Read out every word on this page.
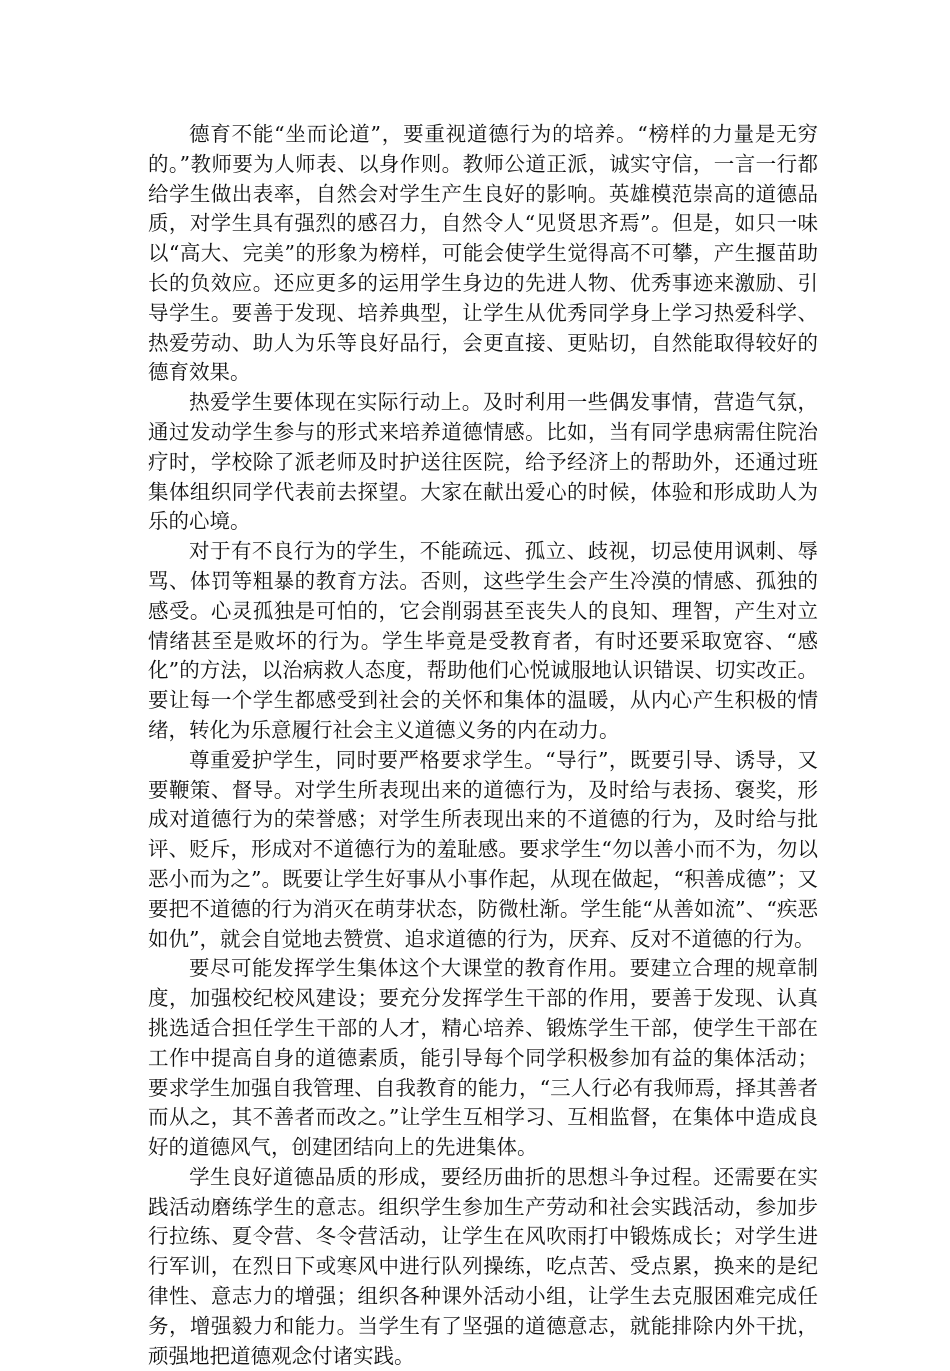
德育不能“坐而论道”，要重视道德行为的培养。“榜样的力量是无穷的。”教师要为人师表、以身作则。教师公道正派，诚实守信，一言一行都给学生做出表率，自然会对学生产生良好的影响。英雄模范崇高的道德品质，对学生具有强烈的感召力，自然令人“见贤思齐焉”。但是，如只一味以“高大、完美”的形象为榜样，可能会使学生觉得高不可攀，产生揠苗助长的负效应。还应更多的运用学生身边的先进人物、优秀事迹来激励、引导学生。要善于发现、培养典型，让学生从优秀同学身上学习热爱科学、热爱劳动、助人为乐等良好品行，会更直接、更贴切，自然能取得较好的德育效果。

热爱学生要体现在实际行动上。及时利用一些偶发事情，营造气氛，通过发动学生参与的形式来培养道德情感。比如，当有同学患病需住院治疗时，学校除了派老师及时护送往医院，给予经济上的帮助外，还通过班集体组织同学代表前去探望。大家在献出爱心的时候，体验和形成助人为乐的心境。

对于有不良行为的学生，不能疏远、孤立、歧视，切忌使用讽刺、辱骂、体罚等粗暴的教育方法。否则，这些学生会产生冷漠的情感、孤独的感受。心灵孤独是可怕的，它会削弱甚至丧失人的良知、理智，产生对立情绪甚至是败坏的行为。学生毕竟是受教育者，有时还要采取宽容、“感化”的方法，以治病救人态度，帮助他们心悦诚服地认识错误、切实改正。要让每一个学生都感受到社会的关怀和集体的温暖，从内心产生积极的情绪，转化为乐意履行社会主义道德义务的内在动力。

尊重爱护学生，同时要严格要求学生。“导行”，既要引导、诱导，又要鞭策、督导。对学生所表现出来的道德行为，及时给与表扬、褒奖，形成对道德行为的荣誉感；对学生所表现出来的不道德的行为，及时给与批评、贬斥，形成对不道德行为的羞耻感。要求学生“勿以善小而不为，勿以恶小而为之”。既要让学生好事从小事作起，从现在做起，“积善成德”；又要把不道德的行为消灭在萌芽状态，防微杜渐。学生能“从善如流”、“疾恶如仇”，就会自觉地去赞赏、追求道德的行为，厌弃、反对不道德的行为。

要尽可能发挥学生集体这个大课堂的教育作用。要建立合理的规章制度，加强校纪校风建设；要充分发挥学生干部的作用，要善于发现、认真挑选适合担任学生干部的人才，精心培养、锻炼学生干部，使学生干部在工作中提高自身的道德素质，能引导每个同学积极参加有益的集体活动；要求学生加强自我管理、自我教育的能力，“三人行必有我师焉，择其善者而从之，其不善者而改之。”让学生互相学习、互相监督，在集体中造成良好的道德风气，创建团结向上的先进集体。

学生良好道德品质的形成，要经历曲折的思想斗争过程。还需要在实践活动磨练学生的意志。组织学生参加生产劳动和社会实践活动，参加步行拉练、夏令营、冬令营活动，让学生在风吹雨打中锻炼成长；对学生进行军训，在烈日下或寒风中进行队列操练，吃点苦、受点累，换来的是纪律性、意志力的增强；组织各种课外活动小组，让学生去克服困难完成任务，增强毅力和能力。当学生有了坚强的道德意志，就能排除内外干扰，顽强地把道德观念付诸实践。
